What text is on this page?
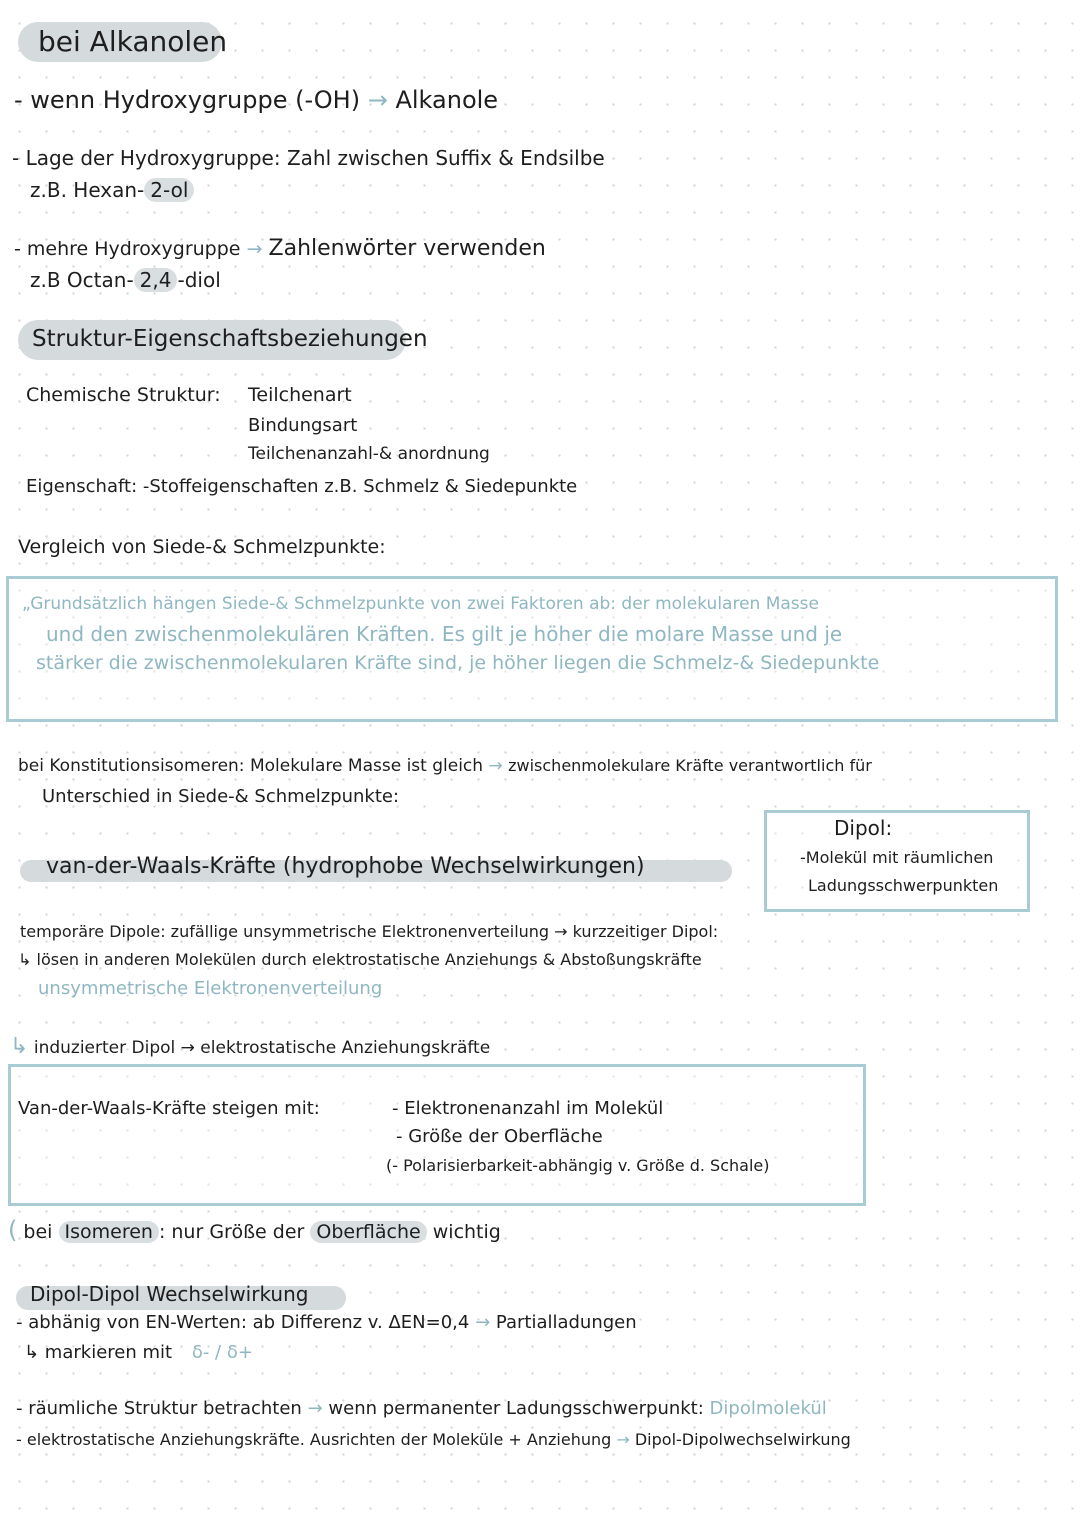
bei Alkanolen
- wenn Hydroxygruppe (-OH) → Alkanole
- Lage der Hydroxygruppe: Zahl zwischen Suffix & Endsilbe
z.B. Hexan- 2-ol
- mehre Hydroxygruppe → Zahlenwörter verwenden
z.B Octan- 2,4 -diol
Struktur-Eigenschaftsbeziehungen
Chemische Struktur: Teilchenart
Bindungsart
Teilchenanzahl-& anordnung
Eigenschaft: -Stoffeigenschaften z.B. Schmelz & Siedepunkte
Vergleich von Siede-& Schmelzpunkte:
„Grundsätzlich hängen Siede-& Schmelzpunkte von zwei Faktoren ab: der molekularen Masse
und den zwischenmolekulären Kräften. Es gilt je höher die molare Masse und je
stärker die zwischenmolekularen Kräfte sind, je höher liegen die Schmelz-& Siedepunkte
bei Konstitutionsisomeren: Molekulare Masse ist gleich → zwischenmolekulare Kräfte verantwortlich für
Unterschied in Siede-& Schmelzpunkte:
Dipol:
-Molekül mit räumlichen
Ladungsschwerpunkten
van-der-Waals-Kräfte (hydrophobe Wechselwirkungen)
temporäre Dipole: zufällige unsymmetrische Elektronenverteilung → kurzzeitiger Dipol:
↳ lösen in anderen Molekülen durch elektrostatische Anziehungs & Abstoßungskräfte
unsymmetrische Elektronenverteilung
↳ induzierter Dipol → elektrostatische Anziehungskräfte
Van-der-Waals-Kräfte steigen mit:	- Elektronenanzahl im Molekül
- Größe der Oberfläche
(- Polarisierbarkeit-abhängig v. Größe d. Schale)
( bei Isomeren : nur Größe der Oberfläche wichtig
Dipol-Dipol Wechselwirkung
- abhänig von EN-Werten: ab Differenz v. ΔEN=0,4 → Partialladungen
↳ markieren mit δ- / δ+
- räumliche Struktur betrachten → wenn permanenter Ladungsschwerpunkt: Dipolmolekül
- elektrostatische Anziehungskräfte. Ausrichten der Moleküle + Anziehung → Dipol-Dipolwechselwirkung
